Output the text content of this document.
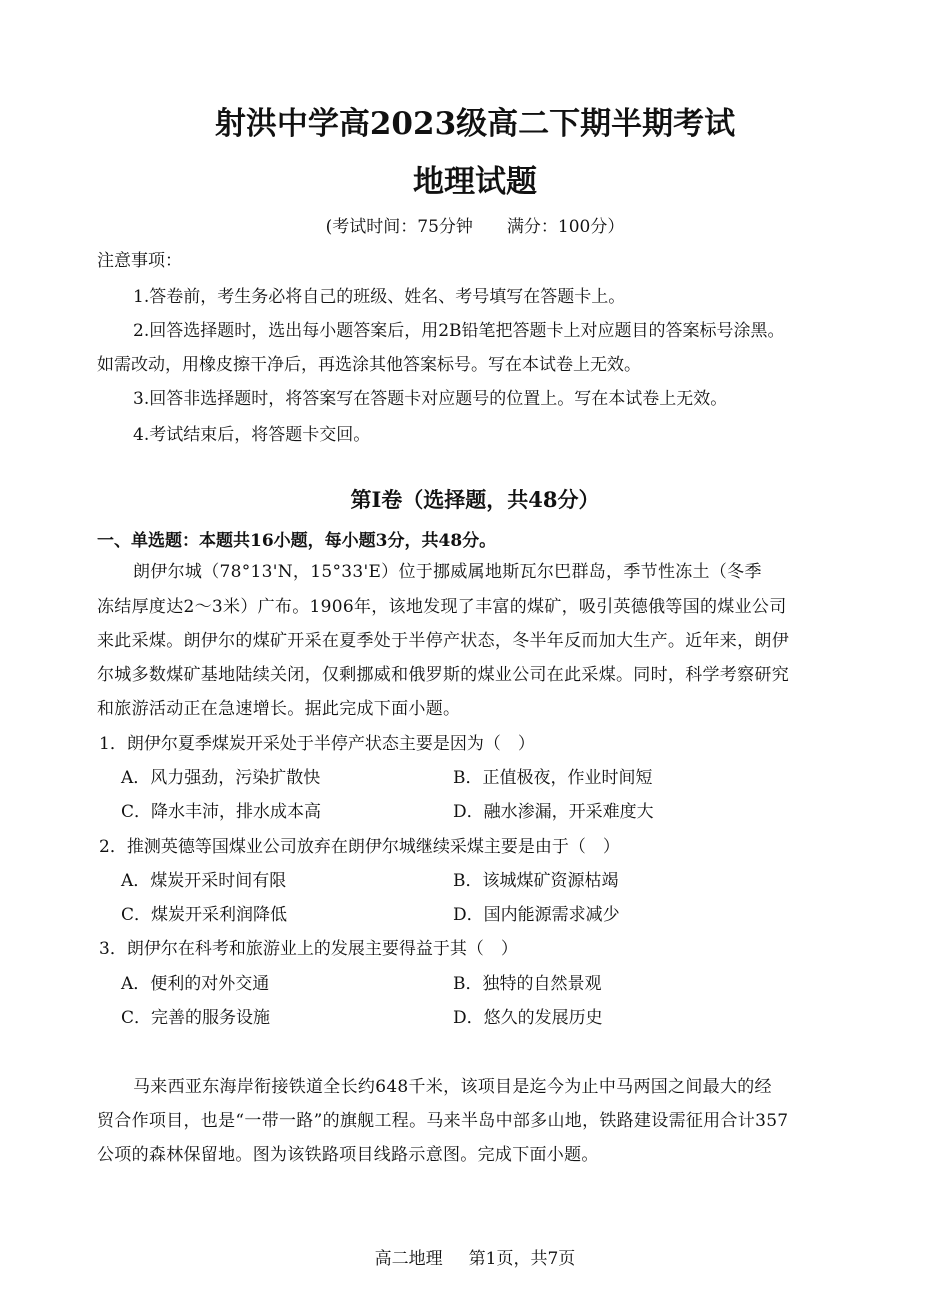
射洪中学高2023级高二下期半期考试
地理试题
(考试时间：75分钟 满分：100分）
注意事项：
1.答卷前，考生务必将自己的班级、姓名、考号填写在答题卡上。
2.回答选择题时，选出每小题答案后，用2B铅笔把答题卡上对应题目的答案标号涂黑。
如需改动，用橡皮擦干净后，再选涂其他答案标号。写在本试卷上无效。
3.回答非选择题时，将答案写在答题卡对应题号的位置上。写在本试卷上无效。
4.考试结束后，将答题卡交回。
第Ⅰ卷（选择题，共48分）
一、单选题：本题共16小题，每小题3分，共48分。
朗伊尔城（78°13'N，15°33'E）位于挪威属地斯瓦尔巴群岛，季节性冻土（冬季
冻结厚度达2～3米）广布。1906年，该地发现了丰富的煤矿，吸引英德俄等国的煤业公司
来此采煤。朗伊尔的煤矿开采在夏季处于半停产状态，冬半年反而加大生产。近年来，朗伊
尔城多数煤矿基地陆续关闭，仅剩挪威和俄罗斯的煤业公司在此采煤。同时，科学考察研究
和旅游活动正在急速增长。据此完成下面小题。
1．朗伊尔夏季煤炭开采处于半停产状态主要是因为（　）
A．风力强劲，污染扩散快	B．正值极夜，作业时间短
C．降水丰沛，排水成本高	D．融水渗漏，开采难度大
2．推测英德等国煤业公司放弃在朗伊尔城继续采煤主要是由于（　）
A．煤炭开采时间有限	B．该城煤矿资源枯竭
C．煤炭开采利润降低	D．国内能源需求减少
3．朗伊尔在科考和旅游业上的发展主要得益于其（　）
A．便利的对外交通	B．独特的自然景观
C．完善的服务设施	D．悠久的发展历史
马来西亚东海岸衔接铁道全长约648千米，该项目是迄今为止中马两国之间最大的经
贸合作项目，也是“一带一路”的旗舰工程。马来半岛中部多山地，铁路建设需征用合计357
公项的森林保留地。图为该铁路项目线路示意图。完成下面小题。
高二地理 第1页，共7页
